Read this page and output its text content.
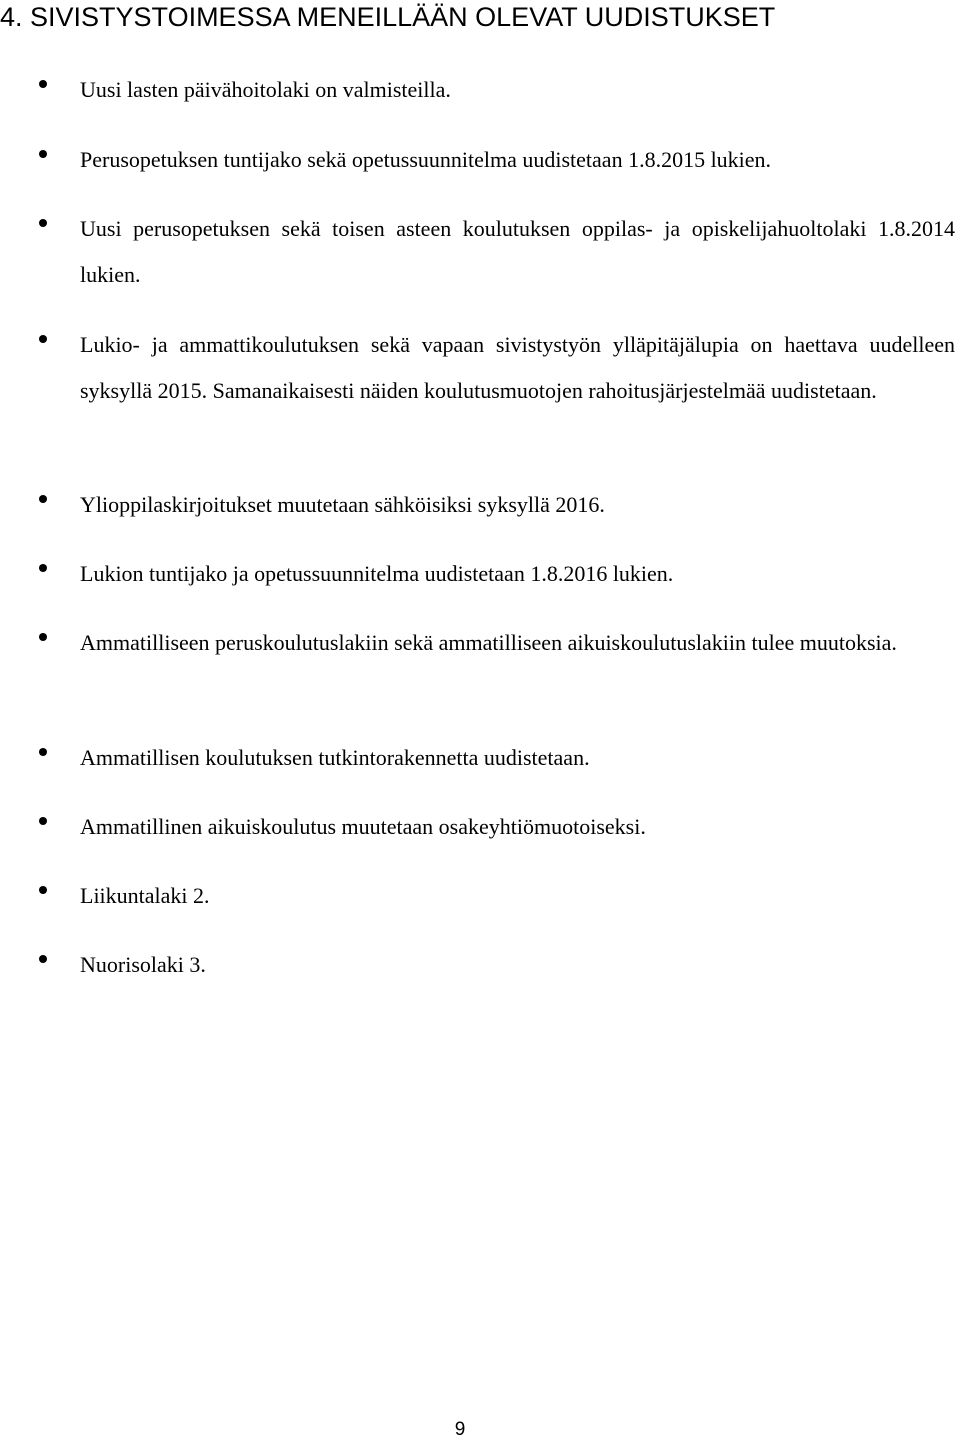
4. SIVISTYSTOIMESSA MENEILLÄÄN OLEVAT UUDISTUKSET

Uusi lasten päivähoitolaki on valmisteilla.

Perusopetuksen tuntijako sekä opetussuunnitelma uudistetaan 1.8.2015 lukien.

Uusi perusopetuksen sekä toisen asteen koulutuksen oppilas- ja opiskelijahuoltolaki 1.8.2014 lukien.

Lukio- ja ammattikoulutuksen sekä vapaan sivistystyön ylläpitäjälupia on haettava uudelleen syksyllä 2015. Samanaikaisesti näiden koulutusmuotojen rahoitusjärjestelmää uudistetaan.

Ylioppilaskirjoitukset muutetaan sähköisiksi syksyllä 2016.

Lukion tuntijako ja opetussuunnitelma uudistetaan 1.8.2016 lukien.

Ammatilliseen peruskoulutuslakiin sekä ammatilliseen aikuiskoulutuslakiin tulee muutoksia.

Ammatillisen koulutuksen tutkintorakennetta uudistetaan.

Ammatillinen aikuiskoulutus muutetaan osakeyhtiömuotoiseksi.

Liikuntalaki 2.

Nuorisolaki 3.

9
